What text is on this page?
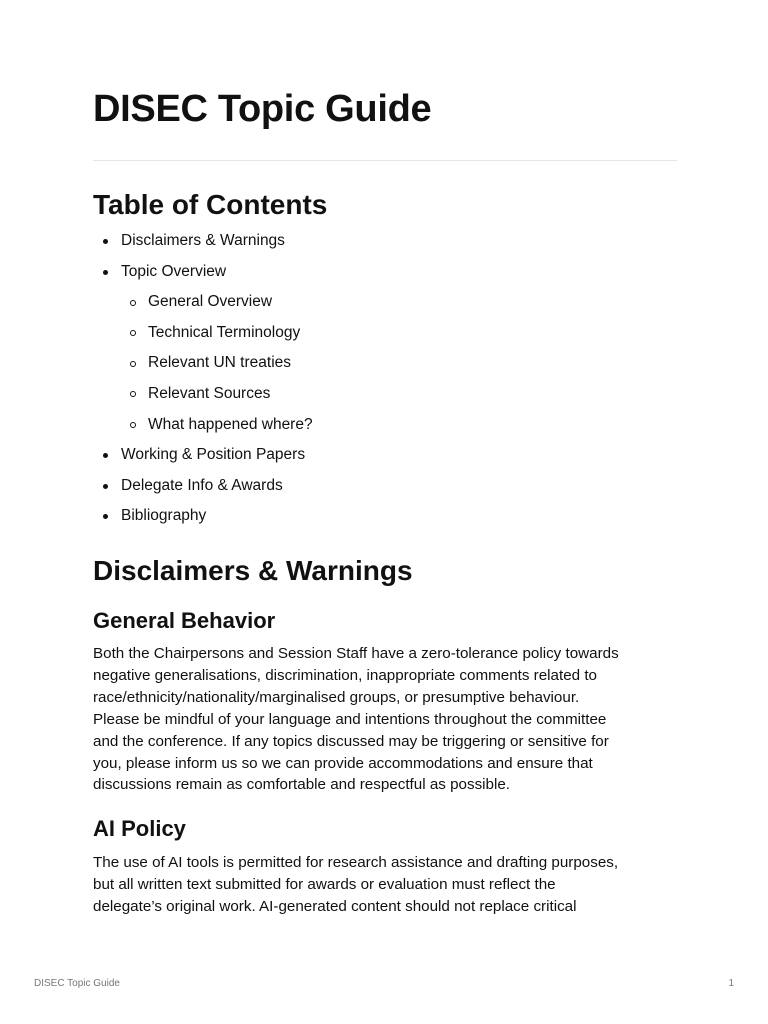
DISEC Topic Guide
Table of Contents
Disclaimers & Warnings
Topic Overview
General Overview
Technical Terminology
Relevant UN treaties
Relevant Sources
What happened where?
Working & Position Papers
Delegate Info & Awards
Bibliography
Disclaimers & Warnings
General Behavior

Both the Chairpersons and Session Staff have a zero-tolerance policy towards
negative generalisations, discrimination, inappropriate comments related to
race/ethnicity/nationality/marginalised groups, or presumptive behaviour.
Please be mindful of your language and intentions throughout the committee
and the conference. If any topics discussed may be triggering or sensitive for
you, please inform us so we can provide accommodations and ensure that
discussions remain as comfortable and respectful as possible.

AI Policy

The use of AI tools is permitted for research assistance and drafting purposes,
but all written text submitted for awards or evaluation must reflect the
delegate’s original work. AI-generated content should not replace critical

DISEC Topic Guide	1
